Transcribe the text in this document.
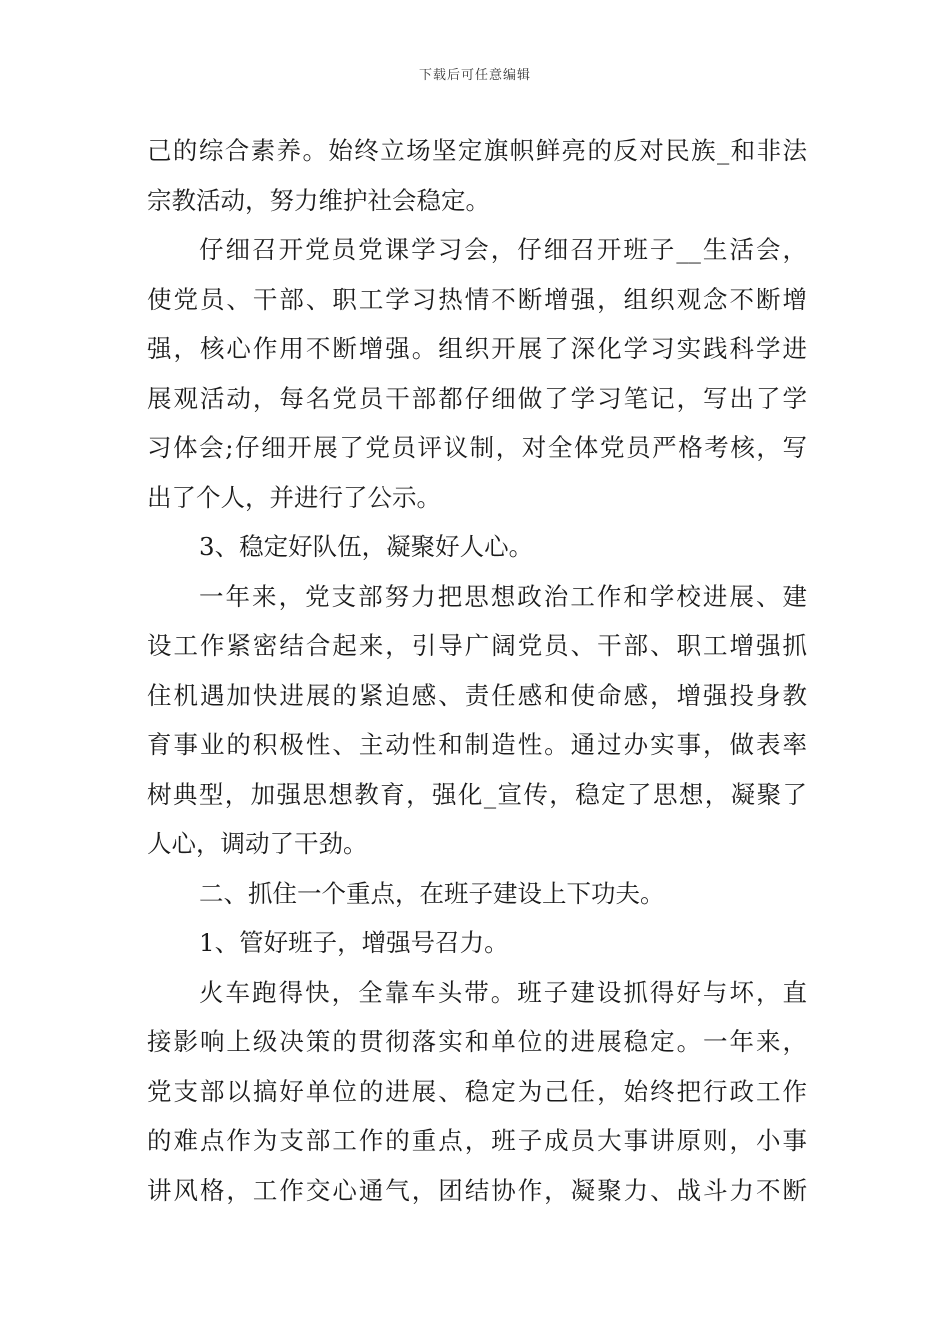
下载后可任意编辑
己的综合素养。始终立场坚定旗帜鲜亮的反对民族_和非法
宗教活动，努力维护社会稳定。
仔细召开党员党课学习会，仔细召开班子__生活会，
使党员、干部、职工学习热情不断增强，组织观念不断增
强，核心作用不断增强。组织开展了深化学习实践科学进
展观活动，每名党员干部都仔细做了学习笔记，写出了学
习体会;仔细开展了党员评议制，对全体党员严格考核，写
出了个人，并进行了公示。
3、稳定好队伍，凝聚好人心。
一年来，党支部努力把思想政治工作和学校进展、建
设工作紧密结合起来，引导广阔党员、干部、职工增强抓
住机遇加快进展的紧迫感、责任感和使命感，增强投身教
育事业的积极性、主动性和制造性。通过办实事，做表率
树典型，加强思想教育，强化_宣传，稳定了思想，凝聚了
人心，调动了干劲。
二、抓住一个重点，在班子建设上下功夫。
1、管好班子，增强号召力。
火车跑得快，全靠车头带。班子建设抓得好与坏，直
接影响上级决策的贯彻落实和单位的进展稳定。一年来，
党支部以搞好单位的进展、稳定为己任，始终把行政工作
的难点作为支部工作的重点，班子成员大事讲原则，小事
讲风格，工作交心通气，团结协作，凝聚力、战斗力不断
